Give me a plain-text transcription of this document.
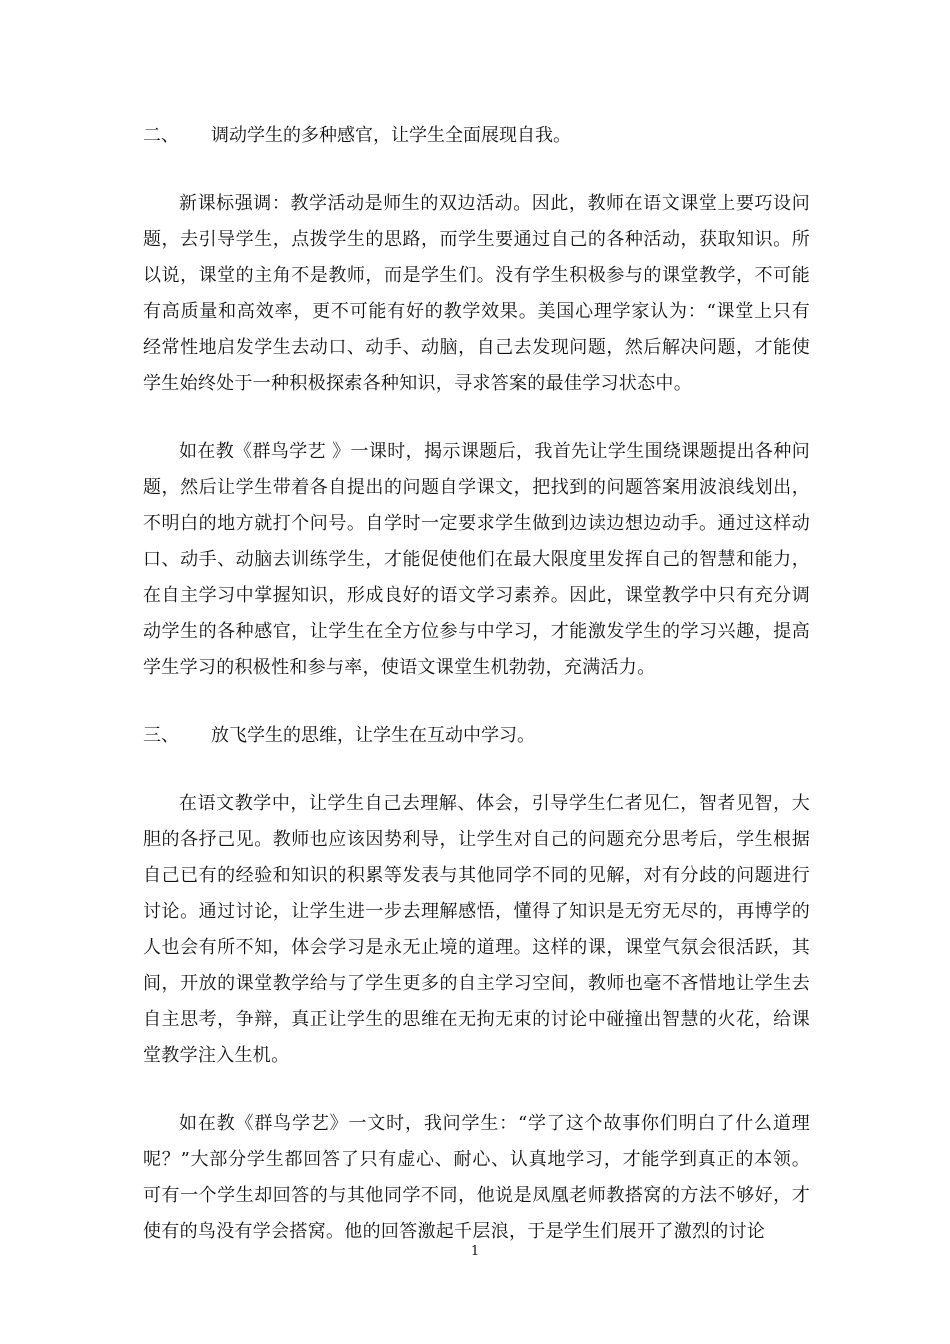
二、 调动学生的多种感官，让学生全面展现自我。

新课标强调：教学活动是师生的双边活动。因此，教师在语文课堂上要巧设问题，去引导学生，点拨学生的思路，而学生要通过自己的各种活动，获取知识。所以说，课堂的主角不是教师，而是学生们。没有学生积极参与的课堂教学，不可能有高质量和高效率，更不可能有好的教学效果。美国心理学家认为：“课堂上只有经常性地启发学生去动口、动手、动脑，自己去发现问题，然后解决问题，才能使学生始终处于一种积极探索各种知识，寻求答案的最佳学习状态中。

如在教《群鸟学艺 》一课时，揭示课题后，我首先让学生围绕课题提出各种问题，然后让学生带着各自提出的问题自学课文，把找到的问题答案用波浪线划出，不明白的地方就打个问号。自学时一定要求学生做到边读边想边动手。通过这样动口、动手、动脑去训练学生，才能促使他们在最大限度里发挥自己的智慧和能力，在自主学习中掌握知识，形成良好的语文学习素养。因此，课堂教学中只有充分调动学生的各种感官，让学生在全方位参与中学习，才能激发学生的学习兴趣，提高学生学习的积极性和参与率，使语文课堂生机勃勃，充满活力。

三、 放飞学生的思维，让学生在互动中学习。

在语文教学中，让学生自己去理解、体会，引导学生仁者见仁，智者见智，大胆的各抒己见。教师也应该因势利导，让学生对自己的问题充分思考后，学生根据自己已有的经验和知识的积累等发表与其他同学不同的见解，对有分歧的问题进行讨论。通过讨论，让学生进一步去理解感悟，懂得了知识是无穷无尽的，再博学的人也会有所不知，体会学习是永无止境的道理。这样的课，课堂气氛会很活跃，其间，开放的课堂教学给与了学生更多的自主学习空间，教师也毫不吝惜地让学生去自主思考，争辩，真正让学生的思维在无拘无束的讨论中碰撞出智慧的火花，给课堂教学注入生机。

如在教《群鸟学艺》一文时，我问学生：“学了这个故事你们明白了什么道理呢？”大部分学生都回答了只有虚心、耐心、认真地学习，才能学到真正的本领。可有一个学生却回答的与其他同学不同，他说是凤凰老师教搭窝的方法不够好，才使有的鸟没有学会搭窝。他的回答激起千层浪，于是学生们展开了激烈的讨论

1
